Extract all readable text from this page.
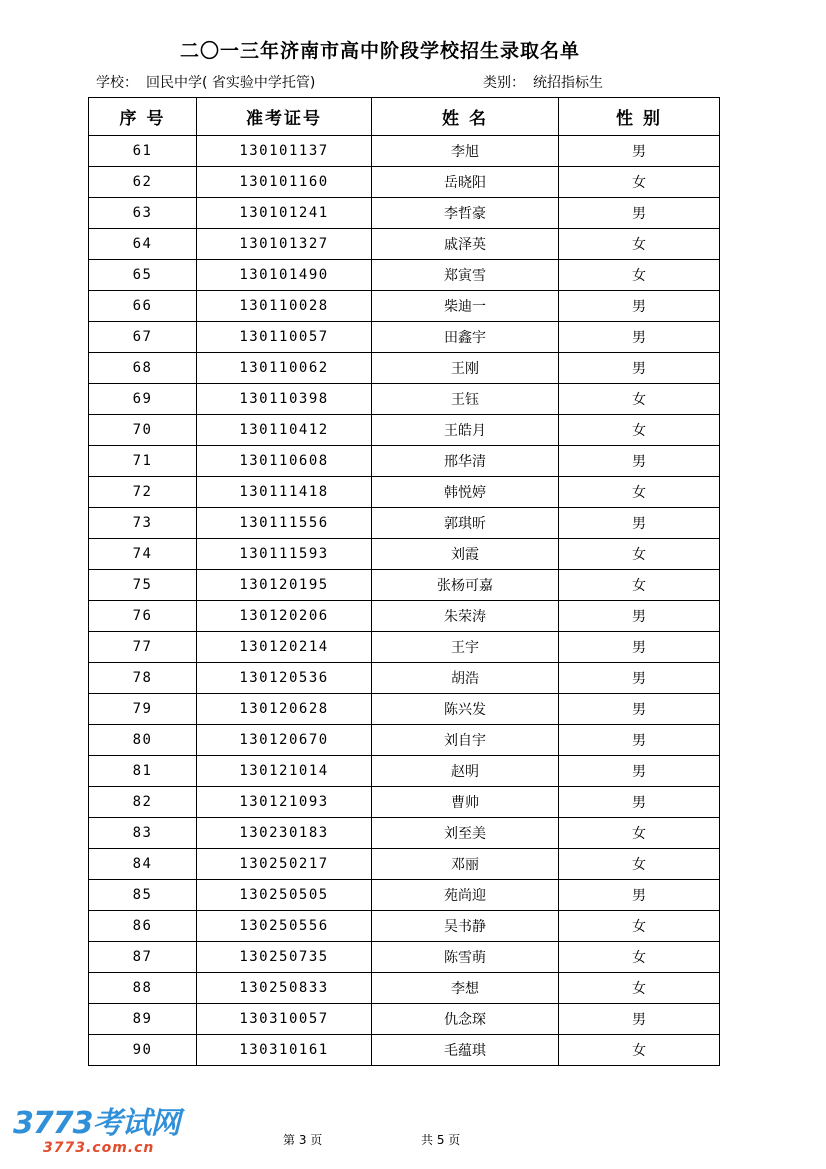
二〇一三年济南市高中阶段学校招生录取名单
学校： 回民中学( 省实验中学托管)	类别： 统招指标生
序 号	准考证号	姓 名	性 别
61	130101137	李旭	男
62	130101160	岳晓阳	女
63	130101241	李哲豪	男
64	130101327	戚泽英	女
65	130101490	郑寅雪	女
66	130110028	柴迪一	男
67	130110057	田鑫宇	男
68	130110062	王刚	男
69	130110398	王钰	女
70	130110412	王皓月	女
71	130110608	邢华清	男
72	130111418	韩悦婷	女
73	130111556	郭琪昕	男
74	130111593	刘霞	女
75	130120195	张杨可嘉	女
76	130120206	朱荣涛	男
77	130120214	王宇	男
78	130120536	胡浩	男
79	130120628	陈兴发	男
80	130120670	刘自宇	男
81	130121014	赵明	男
82	130121093	曹帅	男
83	130230183	刘至美	女
84	130250217	邓丽	女
85	130250505	苑尚迎	男
86	130250556	吴书静	女
87	130250735	陈雪萌	女
88	130250833	李想	女
89	130310057	仇念琛	男
90	130310161	毛蕴琪	女
3773考试网
3773.com.cn	第 3 页	共 5 页
